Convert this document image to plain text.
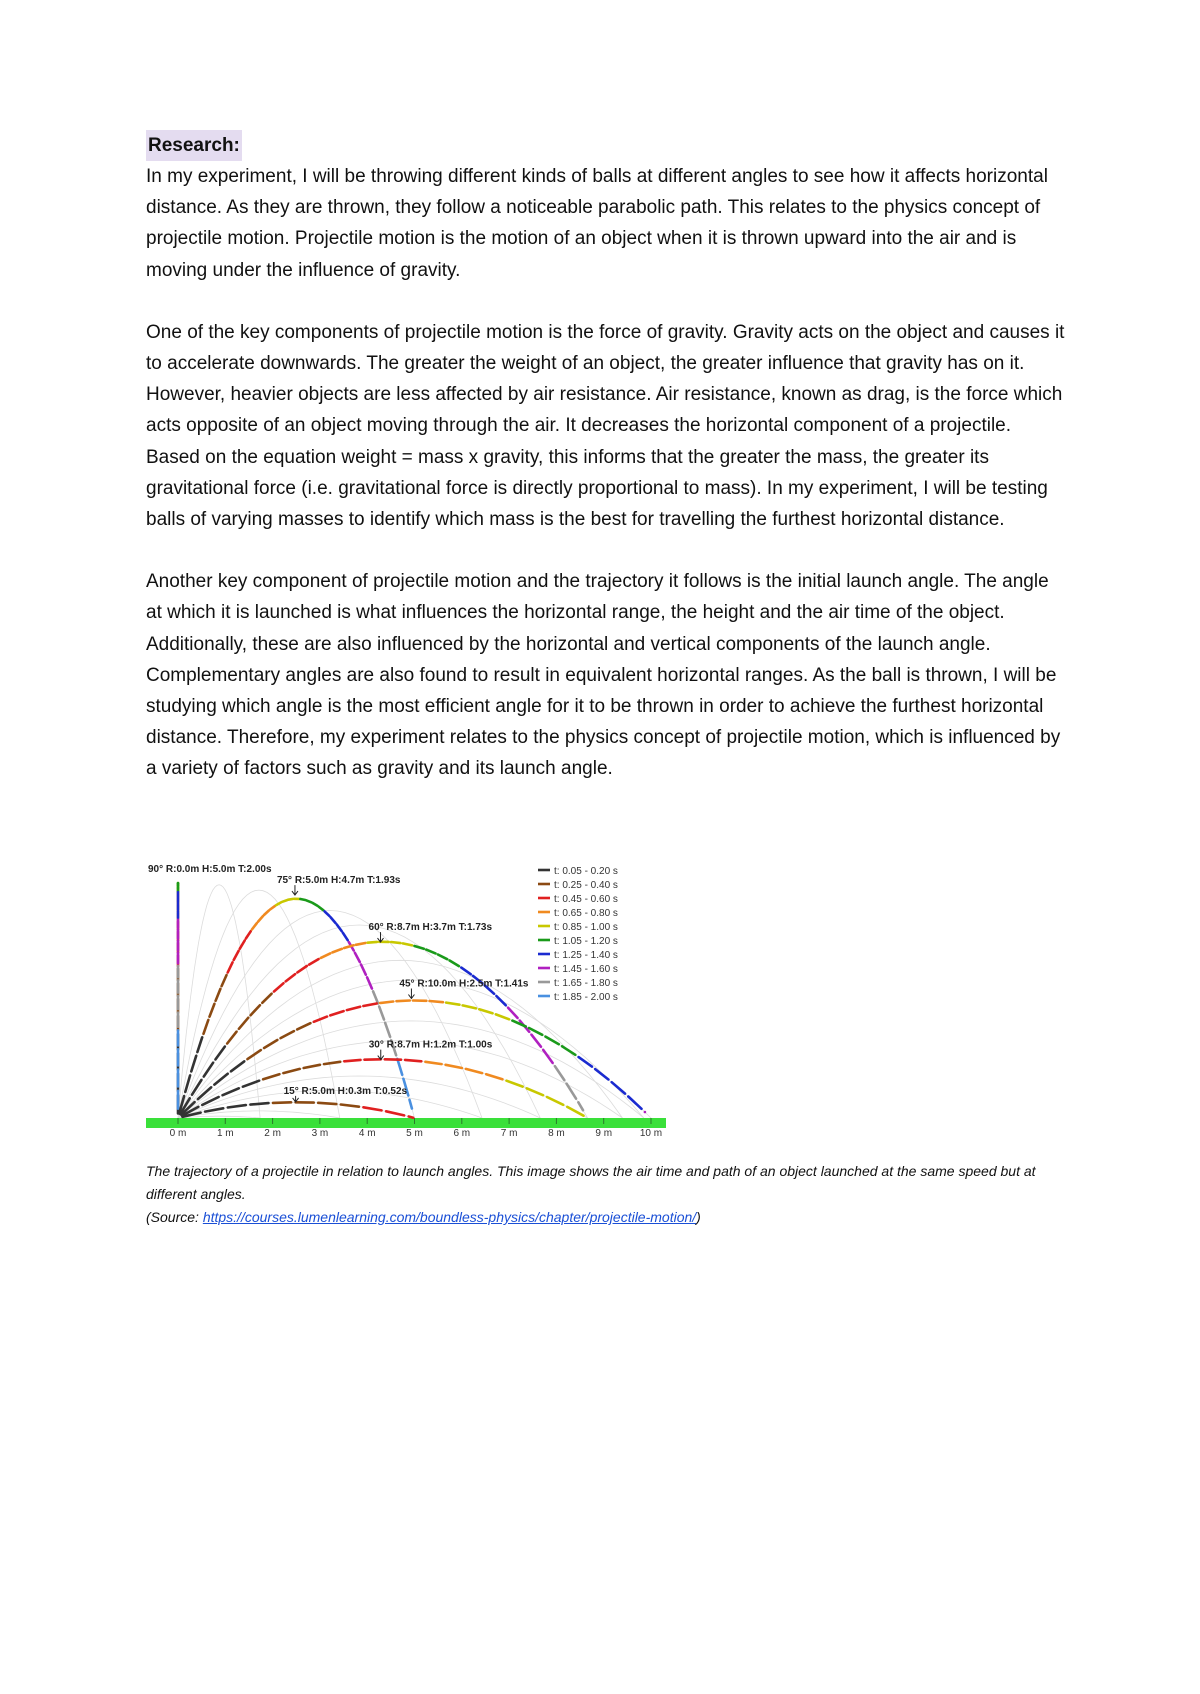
Research:

In my experiment, I will be throwing different kinds of balls at different angles to see how it affects horizontal distance. As they are thrown, they follow a noticeable parabolic path. This relates to the physics concept of projectile motion. Projectile motion is the motion of an object when it is thrown upward into the air and is moving under the influence of gravity.

One of the key components of projectile motion is the force of gravity. Gravity acts on the object and causes it to accelerate downwards. The greater the weight of an object, the greater influence that gravity has on it. However, heavier objects are less affected by air resistance. Air resistance, known as drag, is the force which acts opposite of an object moving through the air. It decreases the horizontal component of a projectile. Based on the equation weight = mass x gravity, this informs that the greater the mass, the greater its gravitational force (i.e. gravitational force is directly proportional to mass). In my experiment, I will be testing balls of varying masses to identify which mass is the best for travelling the furthest horizontal distance.

Another key component of projectile motion and the trajectory it follows is the initial launch angle. The angle at which it is launched is what influences the horizontal range, the height and the air time of the object. Additionally, these are also influenced by the horizontal and vertical components of the launch angle. Complementary angles are also found to result in equivalent horizontal ranges. As the ball is thrown, I will be studying which angle is the most efficient angle for it to be thrown in order to achieve the furthest horizontal distance. Therefore, my experiment relates to the physics concept of projectile motion, which is influenced by a variety of factors such as gravity and its launch angle.

0 m	1 m	2 m	3 m	4 m	5 m	6 m	7 m	8 m	9 m	10 m
90° R:0.0m H:5.0m T:2.00s
75° R:5.0m H:4.7m T:1.93s
60° R:8.7m H:3.7m T:1.73s
45° R:10.0m H:2.5m T:1.41s
30° R:8.7m H:1.2m T:1.00s
15° R:5.0m H:0.3m T:0.52s
t: 0.05 - 0.20 s
t: 0.25 - 0.40 s
t: 0.45 - 0.60 s
t: 0.65 - 0.80 s
t: 0.85 - 1.00 s
t: 1.05 - 1.20 s
t: 1.25 - 1.40 s
t: 1.45 - 1.60 s
t: 1.65 - 1.80 s
t: 1.85 - 2.00 s
The trajectory of a projectile in relation to launch angles. This image shows the air time and path of an object launched at the same speed but at different angles.
(Source: https://courses.lumenlearning.com/boundless-physics/chapter/projectile-motion/)
